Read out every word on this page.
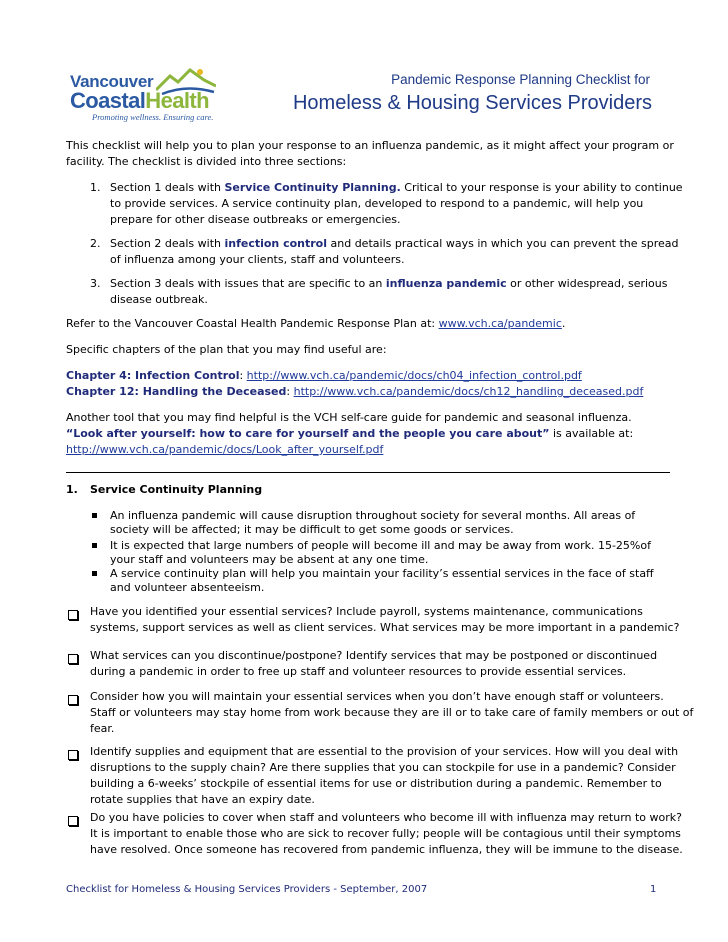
Vancouver
CoastalHealth
Promoting wellness. Ensuring care.
Pandemic Response Planning Checklist for
Homeless & Housing Services Providers
This checklist will help you to plan your response to an influenza pandemic, as it might affect your program or
facility. The checklist is divided into three sections:
1. Section 1 deals with Service Continuity Planning. Critical to your response is your ability to continue
to provide services. A service continuity plan, developed to respond to a pandemic, will help you
prepare for other disease outbreaks or emergencies.
2. Section 2 deals with infection control and details practical ways in which you can prevent the spread
of influenza among your clients, staff and volunteers.
3. Section 3 deals with issues that are specific to an influenza pandemic or other widespread, serious
disease outbreak.
Refer to the Vancouver Coastal Health Pandemic Response Plan at: www.vch.ca/pandemic.
Specific chapters of the plan that you may find useful are:
Chapter 4: Infection Control: http://www.vch.ca/pandemic/docs/ch04_infection_control.pdf
Chapter 12: Handling the Deceased: http://www.vch.ca/pandemic/docs/ch12_handling_deceased.pdf
Another tool that you may find helpful is the VCH self-care guide for pandemic and seasonal influenza.
“Look after yourself: how to care for yourself and the people you care about” is available at:
http://www.vch.ca/pandemic/docs/Look_after_yourself.pdf
1. Service Continuity Planning
An influenza pandemic will cause disruption throughout society for several months. All areas of
society will be affected; it may be difficult to get some goods or services.
It is expected that large numbers of people will become ill and may be away from work. 15-25%of
your staff and volunteers may be absent at any one time.
A service continuity plan will help you maintain your facility’s essential services in the face of staff
and volunteer absenteeism.
Have you identified your essential services? Include payroll, systems maintenance, communications
systems, support services as well as client services. What services may be more important in a pandemic?
What services can you discontinue/postpone? Identify services that may be postponed or discontinued
during a pandemic in order to free up staff and volunteer resources to provide essential services.
Consider how you will maintain your essential services when you don’t have enough staff or volunteers.
Staff or volunteers may stay home from work because they are ill or to take care of family members or out of
fear.
Identify supplies and equipment that are essential to the provision of your services. How will you deal with
disruptions to the supply chain? Are there supplies that you can stockpile for use in a pandemic? Consider
building a 6-weeks’ stockpile of essential items for use or distribution during a pandemic. Remember to
rotate supplies that have an expiry date.
Do you have policies to cover when staff and volunteers who become ill with influenza may return to work?
It is important to enable those who are sick to recover fully; people will be contagious until their symptoms
have resolved. Once someone has recovered from pandemic influenza, they will be immune to the disease.
Checklist for Homeless & Housing Services Providers - September, 2007	1
